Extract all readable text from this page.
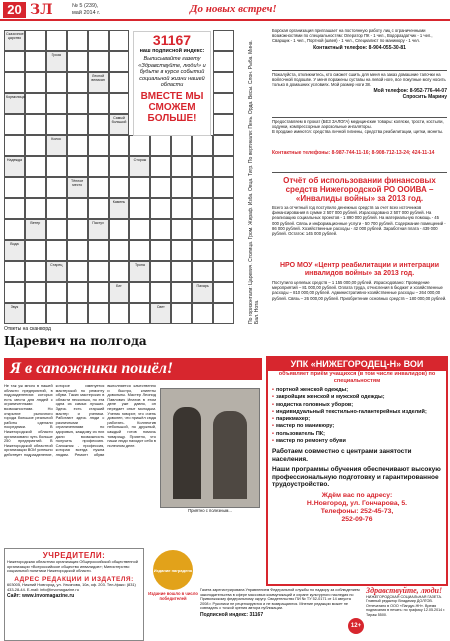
20 ЗЛ	№ 5 (239),
май 2014 г.	До новых встреч!
Сказочное царство
Гроза
Лесной великан
Кормилица
Самый большой
Колос
Надежда	Сторож
Тёплое место
Камень
Ветер	Пастух
Вода
Старец	Тропа
Бег	Пахарь
Звук	Свет
31167
наш подписной индекс:
Выписывайте газету «Здравствуйте, люди!» и будьте в курсе событий социальной жизни нашей области
ВМЕСТЕ МЫ СМОЖЕМ БОЛЬШЕ!	По горизонтали: Царевич. Столица. Гром. Жираф. Изба. Овца. Тигр. По вертикали: Пень. Орда. Весы. Слон. Рыба. Мина. Бал. Нота.
Ответы на сканворд
Царевич на полгода
Борская организация приглашает на постоянную работу лиц с ограниченными возможностями по специальностям: Оператор ПК - 1 чел., Водораздатчик - 1 чел., Сварщик - 1 чел., Портной (швея) - 1 чел., Специалист по маникюру - 1 чел.
Контактный телефон: 8-904-055-30-81
Пожалуйста, откликнитесь, кто сможет сшить для меня на заказ домашние тапочки на войлочной подошве. У меня поражены суставы на левой ноге, все покупные могу носить только в домашних условиях. Мой размер ноги 38.
Мой телефон: 8-952-776-44-07
Спросить Марину
Предоставляем в прокат (БЕЗ ЗАЛОГА) медицинские товары: коляски, трости, костыли, ходунки, компрессорные аэрозольные ингаляторы.
В продаже имеются: средства личной гигиены, средства реабилитации, щетки, монеты.
Контактные телефоны: 8-987-744-11-16; 8-908-712-13-24; 424-11-14
Отчёт об использовании финансовых средств Нижегородской РО ООИВА – «Инвалиды войны» за 2013 год.

Всего за отчетный год поступило денежных средств за счет всех источников финансирования в сумме 2 507 000 рублей. Израсходовано 2 507 000 рублей. На реализацию социальных проектов - 1 890 000 рублей. На материальную помощь - 45 000 рублей. Связь и информационные услуги - 50 700 рублей. Содержание помещений - 86 000 рублей. Хозяйственные расходы - 42 000 рублей. Заработная плата - 439 000 рублей. Остаток: 145 000 рублей.

НРО МОУ «Центр реабилитации и интеграции инвалидов войны» за 2013 год.
Поступило целевых средств – 1 155 000,00 рублей. Израсходовано: Проведение мероприятий – 81 000,00 рублей. Оплата труда, отчисления в бюджет и хозяйственные расходы – 810 000,00 рублей. Административно-хозяйственные расходы – 264 000,00 рублей. Связь – 26 000,00 рублей. Приобретение основных средств – 180 000,00 рублей.
Я в сапожники пошёл!
Не так уж много в нашей области предприятий, в подразделениях которых есть места для людей с ограниченными возможностями. Но открытие рыночного города большое реальной работы сделали посредники. В Нижегородской области организовано чуть больше 250 предприятий. В Нижегородской областной организации ВОИ успешно действует подразделение, которое именуется мастерской по ремонту обуви. Таких мастерских в области несколько, но эта одна из самых лучших. Здесь есть старший мастер и ученики. Работают здесь люди с различными ограничениями по здоровью, каждому из них дали возможность получить профессию. Сапожник - профессия, которая всегда нужна людям. Ремонт обуви выполняется качественно и быстро, клиенты довольны. Мастер Леонид Павлович Ипатов в этом деле уже давно, он передает опыт молодым. Ученик говорит, что очень доволен, что пришёл сюда работать. Коллектив небольшой, но дружный, каждый готов помочь товарищу. Приятно, что наши люди находят себя в полезном деле.
Приятно с полезным...
УПК «НИЖЕГОРОДЕЦ-Н» ВОИ
объявляет приём учащихся (в том числе инвалидов) по специальностям
• портной женской одежды;
• закройщик женской и мужской одежды;
• модистка головных уборов;
• индивидуальный текстильно-галантерейных изделий;
• парикмахер;
• мастер по маникюру;
• пользователь ПК;
• мастер по ремонту обуви
Работаем совместно с центрами занятости населения.
Наши программы обучения обеспечивают высокую профессиональную подготовку и гарантированное трудоустройство.
Ждём вас по адресу:
Н.Новгород, ул. Гончарова, 5.
Телефоны: 252-45-73,
252-09-76
УЧРЕДИТЕЛИ:

Нижегородская областная организация Общероссийской общественной организации «Всероссийское общество инвалидов»; Министерство социальной политики Нижегородской области.

АДРЕС РЕДАКЦИИ И ИЗДАТЕЛЯ:

603005, Нижний Новгород, ул. Ульянова, 10а, оф. 203. Тел./факс: (831) 433-28-44. E-mail: info@invomagazine.ru

Сайт: www.invomagazine.ru

Издание наградено

Издание вошло в число победителей

Газета зарегистрирована Управлением Федеральной службы по надзору за соблюдением законодательства в сфере массовых коммуникаций и охране культурного наследия по Приволжскому федеральному округу. Свидетельство ПИ № ТУ 52-0171 от 14 августа 2008 г. Рукописи не рецензируются и не возвращаются. Мнение редакции может не совпадать с точкой зрения автора публикации.
Подписной индекс: 31167
12+
Здравствуйте, люди!

НИЖЕГОРОДСКАЯ СОЦИАЛЬНАЯ ГАЗЕТА. Главный редактор Владимир ДОЛГОВ. Отпечатано в ООО «Пандус-НН». Время подписания в печать: по графику 12.05.2014 г. Тираж 5500.
